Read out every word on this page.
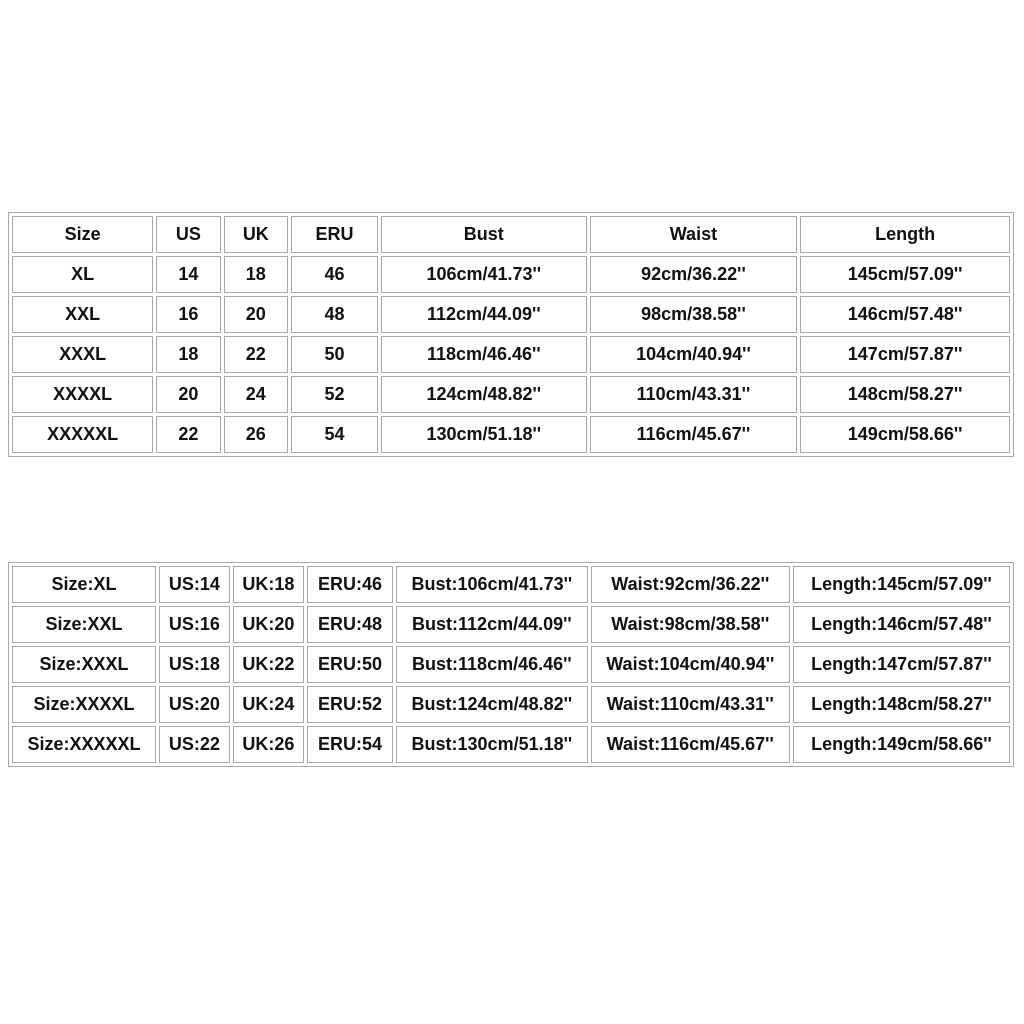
Size	US	UK	ERU	Bust	Waist	Length
XL	14	18	46	106cm/41.73''	92cm/36.22''	145cm/57.09''
XXL	16	20	48	112cm/44.09''	98cm/38.58''	146cm/57.48''
XXXL	18	22	50	118cm/46.46''	104cm/40.94''	147cm/57.87''
XXXXL	20	24	52	124cm/48.82''	110cm/43.31''	148cm/58.27''
XXXXXL	22	26	54	130cm/51.18''	116cm/45.67''	149cm/58.66''
Size:XL	US:14	UK:18	ERU:46	Bust:106cm/41.73''	Waist:92cm/36.22''	Length:145cm/57.09''
Size:XXL	US:16	UK:20	ERU:48	Bust:112cm/44.09''	Waist:98cm/38.58''	Length:146cm/57.48''
Size:XXXL	US:18	UK:22	ERU:50	Bust:118cm/46.46''	Waist:104cm/40.94''	Length:147cm/57.87''
Size:XXXXL	US:20	UK:24	ERU:52	Bust:124cm/48.82''	Waist:110cm/43.31''	Length:148cm/58.27''
Size:XXXXXL	US:22	UK:26	ERU:54	Bust:130cm/51.18''	Waist:116cm/45.67''	Length:149cm/58.66''
